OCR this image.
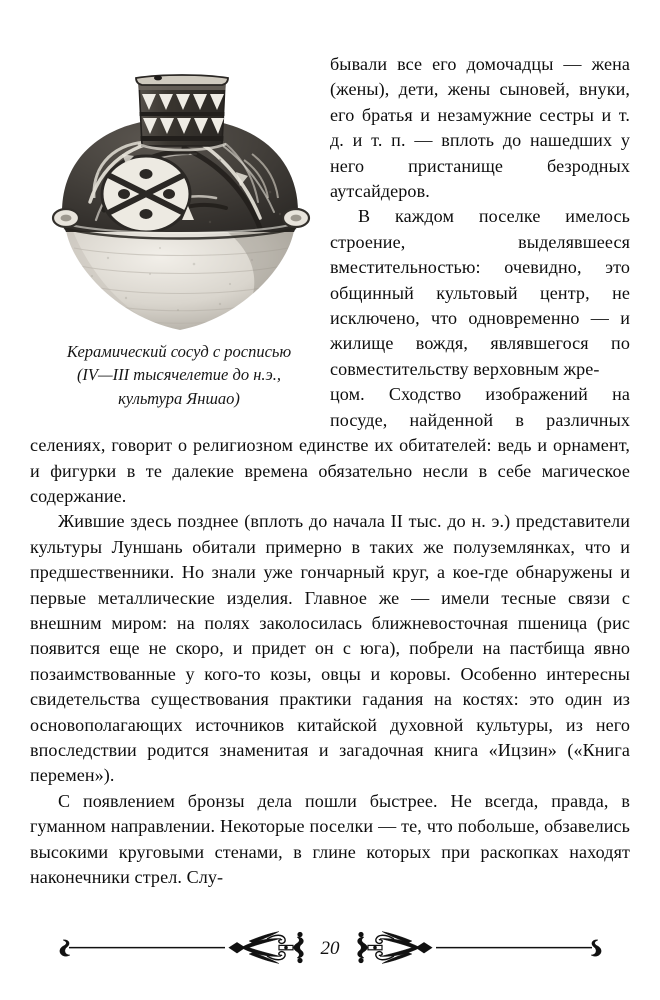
Керамический сосуд с росписью
(IV—III тысячелетие до н.э.,
культура Яншао)

бывали все его домочадцы — жена (жены), дети, жены сыновей, внуки, его братья и незамужние сестры и т. д. и т. п. — вплоть до нашедших у него пристанище безродных аутсайдеров.

В каждом поселке имелось строение, выделявшееся вместительностью: очевидно, это общинный культовый центр, не исключено, что одновременно — и жилище вождя, являвшегося по совместительству верховным жре-

цом. Сходство изображений на посуде, найденной в различных селениях, говорит о религиозном единстве их обитателей: ведь и орнамент, и фигурки в те далекие времена обязательно несли в себе магическое содержание.

Жившие здесь позднее (вплоть до начала II тыс. до н. э.) представители культуры Луншань обитали примерно в таких же полуземлянках, что и предшественники. Но знали уже гончарный круг, а кое-где обнаружены и первые металлические изделия. Главное же — имели тесные связи с внешним миром: на полях заколосилась ближневосточная пшеница (рис появится еще не скоро, и придет он с юга), побрели на пастбища явно позаимствованные у кого-то козы, овцы и коровы. Особенно интересны свидетельства существования практики гадания на костях: это один из основополагающих источников китайской духовной культуры, из него впоследствии родится знаменитая и загадочная книга «Ицзин» («Книга перемен»).

С появлением бронзы дела пошли быстрее. Не всегда, правда, в гуманном направлении. Некоторые поселки — те, что побольше, обзавелись высокими круговыми стенами, в глине которых при раскопках находят наконечники стрел. Слу-

20
